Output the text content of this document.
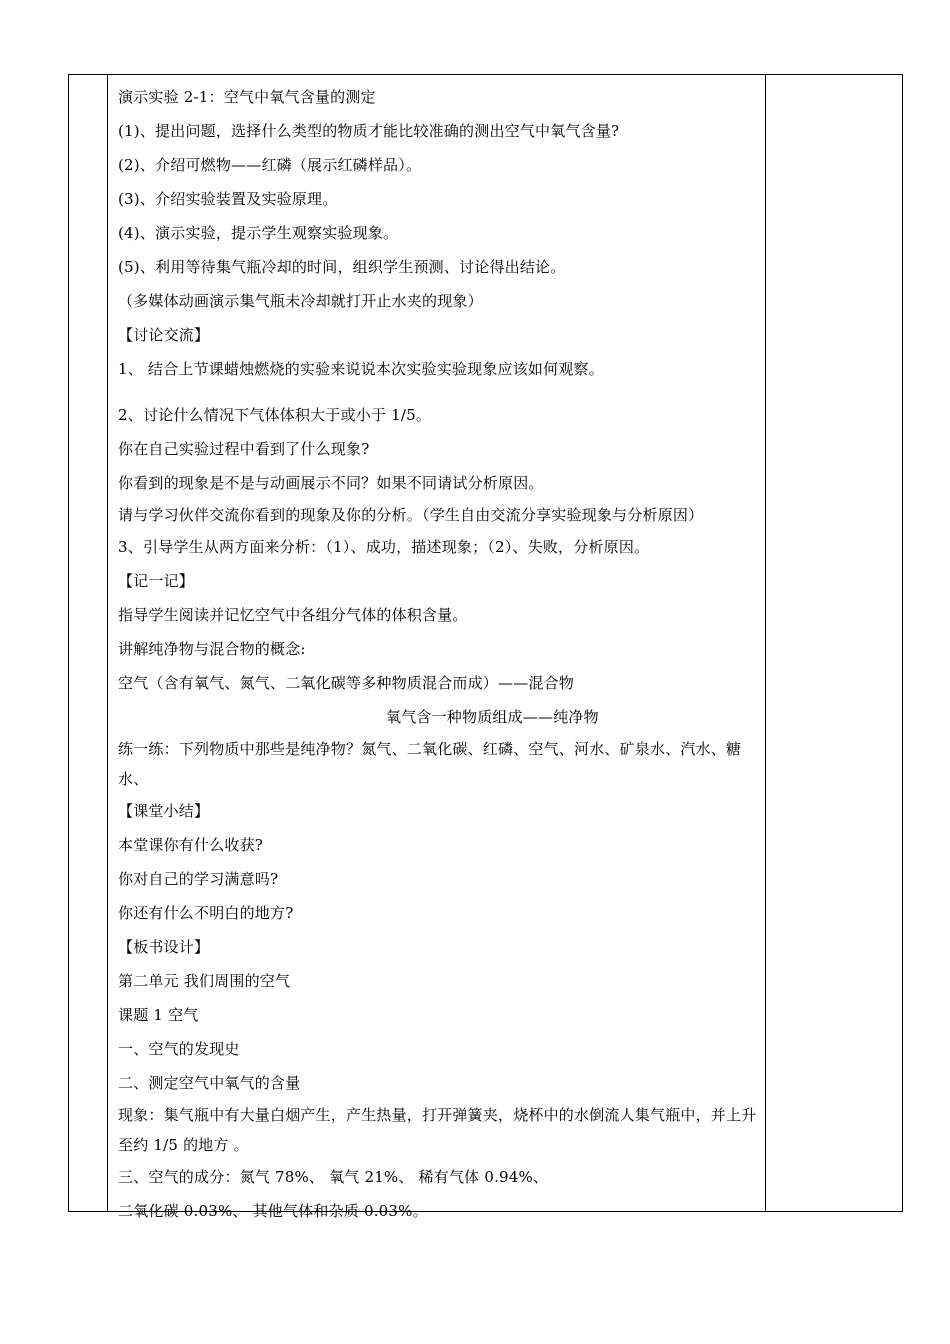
演示实验 2-1：空气中氧气含量的测定
(1)、提出问题，选择什么类型的物质才能比较准确的测出空气中氧气含量?
(2)、介绍可燃物——红磷（展示红磷样品）。
(3)、介绍实验装置及实验原理。
(4)、演示实验，提示学生观察实验现象。
(5)、利用等待集气瓶冷却的时间，组织学生预测、讨论得出结论。
（多媒体动画演示集气瓶未冷却就打开止水夹的现象）
【讨论交流】
1、 结合上节课蜡烛燃烧的实验来说说本次实验实验现象应该如何观察。
2、讨论什么情况下气体体积大于或小于 1/5。
你在自己实验过程中看到了什么现象?
你看到的现象是不是与动画展示不同？如果不同请试分析原因。
请与学习伙伴交流你看到的现象及你的分析。（学生自由交流分享实验现象与分析原因）
3、引导学生从两方面来分析：（1）、成功，描述现象；（2）、失败，分析原因。
【记一记】
指导学生阅读并记忆空气中各组分气体的体积含量。
讲解纯净物与混合物的概念:
空气（含有氧气、氮气、二氧化碳等多种物质混合而成）——混合物
氧气含一种物质组成——纯净物
练一练：下列物质中那些是纯净物？氮气、二氧化碳、红磷、空气、河水、矿泉水、汽水、糖水、
【课堂小结】
本堂课你有什么收获?
你对自己的学习满意吗?
你还有什么不明白的地方?
【板书设计】
第二单元 我们周围的空气
课题 1 空气
一、空气的发现史
二、测定空气中氧气的含量
现象：集气瓶中有大量白烟产生，产生热量，打开弹簧夹，烧杯中的水倒流人集气瓶中，并上升至约 1/5 的地方 。
三、空气的成分：氮气 78%、 氧气 21%、 稀有气体 0.94%、
二氧化碳 0.03%、 其他气体和杂质 0.03%。
